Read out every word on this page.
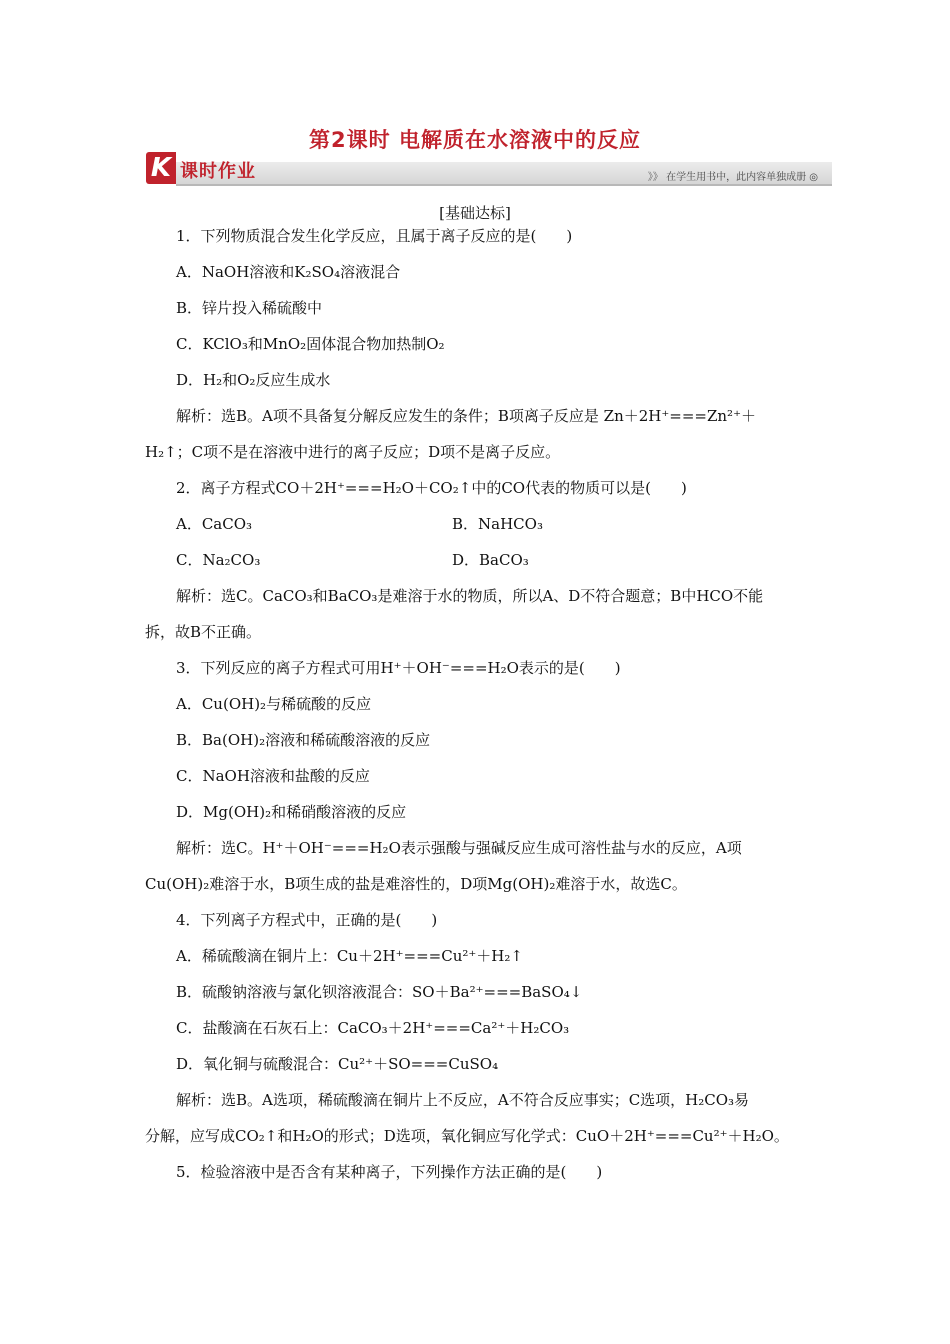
第2课时 电解质在水溶液中的反应
K 课时作业	》》 在学生用书中，此内容单独成册 ◎
[基础达标]
1．下列物质混合发生化学反应，且属于离子反应的是(　　)
A．NaOH溶液和K₂SO₄溶液混合
B．锌片投入稀硫酸中
C．KClO₃和MnO₂固体混合物加热制O₂
D．H₂和O₂反应生成水
解析：选B。A项不具备复分解反应发生的条件；B项离子反应是 Zn＋2H⁺===Zn²⁺＋
H₂↑；C项不是在溶液中进行的离子反应；D项不是离子反应。
2．离子方程式CO＋2H⁺===H₂O＋CO₂↑中的CO代表的物质可以是(　　)
A．CaCO₃	B．NaHCO₃
C．Na₂CO₃	D．BaCO₃
解析：选C。CaCO₃和BaCO₃是难溶于水的物质，所以A、D不符合题意；B中HCO不能
拆，故B不正确。
3．下列反应的离子方程式可用H⁺＋OH⁻===H₂O表示的是(　　)
A．Cu(OH)₂与稀硫酸的反应
B．Ba(OH)₂溶液和稀硫酸溶液的反应
C．NaOH溶液和盐酸的反应
D．Mg(OH)₂和稀硝酸溶液的反应
解析：选C。H⁺＋OH⁻===H₂O表示强酸与强碱反应生成可溶性盐与水的反应，A项
Cu(OH)₂难溶于水，B项生成的盐是难溶性的，D项Mg(OH)₂难溶于水，故选C。
4．下列离子方程式中，正确的是(　　)
A．稀硫酸滴在铜片上：Cu＋2H⁺===Cu²⁺＋H₂↑
B．硫酸钠溶液与氯化钡溶液混合：SO＋Ba²⁺===BaSO₄↓
C．盐酸滴在石灰石上：CaCO₃＋2H⁺===Ca²⁺＋H₂CO₃
D．氧化铜与硫酸混合：Cu²⁺＋SO===CuSO₄
解析：选B。A选项，稀硫酸滴在铜片上不反应，A不符合反应事实；C选项，H₂CO₃易
分解，应写成CO₂↑和H₂O的形式；D选项，氧化铜应写化学式：CuO＋2H⁺===Cu²⁺＋H₂O。
5．检验溶液中是否含有某种离子，下列操作方法正确的是(　　)
